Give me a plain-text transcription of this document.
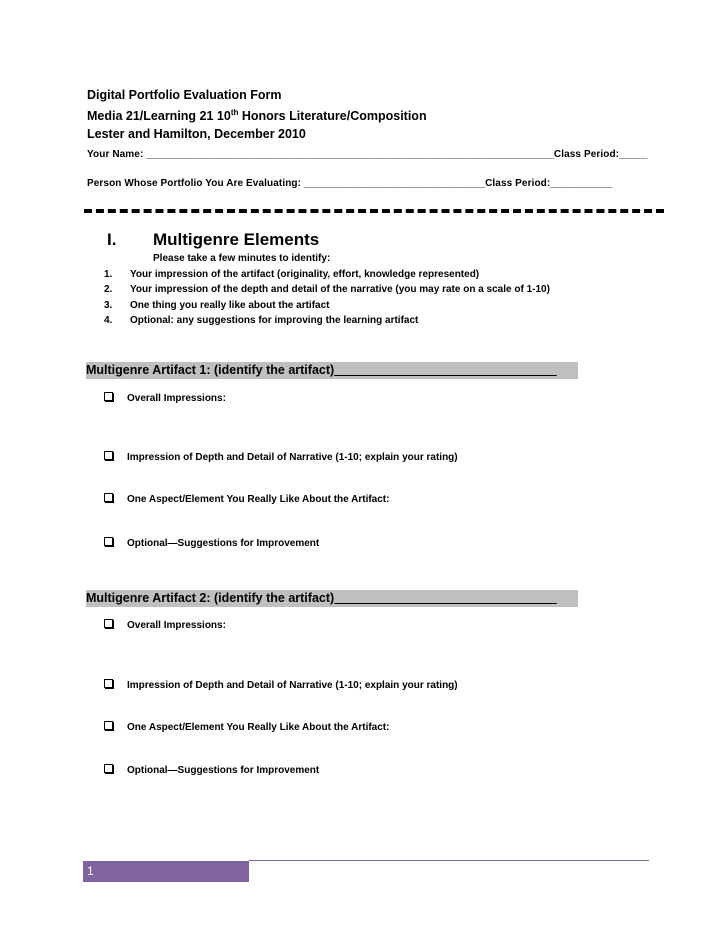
Digital Portfolio Evaluation Form
Media 21/Learning 21 10th Honors Literature/Composition
Lester and Hamilton, December 2010
Your Name: ________________________________________________________________________Class Period:_____
Person Whose Portfolio You Are Evaluating: ________________________________Class Period:___________
I. Multigenre Elements
Please take a few minutes to identify:
1. Your impression of the artifact (originality, effort, knowledge represented)
2. Your impression of the depth and detail of the narrative (you may rate on a scale of 1-10)
3. One thing you really like about the artifact
4. Optional: any suggestions for improving the learning artifact
Multigenre Artifact 1: (identify the artifact)________________________________
Overall Impressions:
Impression of Depth and Detail of Narrative (1-10; explain your rating)
One Aspect/Element You Really Like About the Artifact:
Optional—Suggestions for Improvement
Multigenre Artifact 2: (identify the artifact)________________________________
Overall Impressions:
Impression of Depth and Detail of Narrative (1-10; explain your rating)
One Aspect/Element You Really Like About the Artifact:
Optional—Suggestions for Improvement
1
